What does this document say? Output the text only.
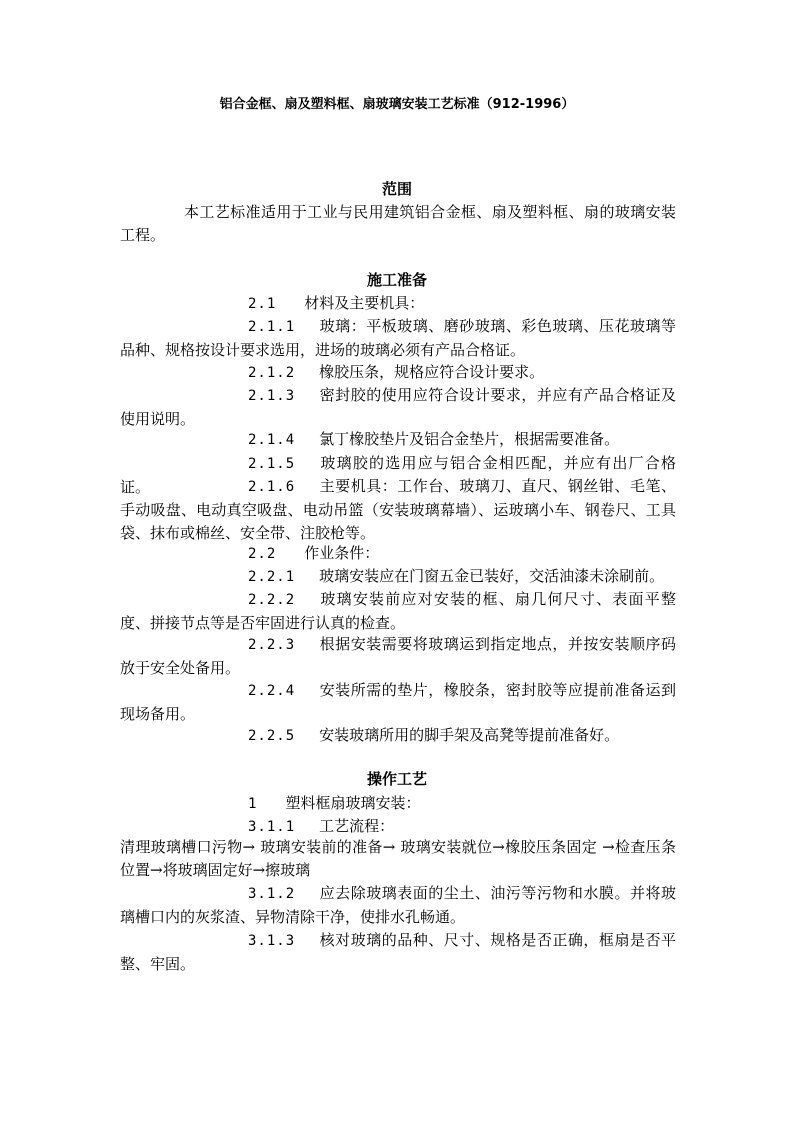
铝合金框、扇及塑料框、扇玻璃安装工艺标准（912-1996）
范围
本工艺标准适用于工业与民用建筑铝合金框、扇及塑料框、扇的玻璃安装工程。
施工准备
2.1 材料及主要机具：
2.1.1 玻璃：平板玻璃、磨砂玻璃、彩色玻璃、压花玻璃等品种、规格按设计要求选用，进场的玻璃必须有产品合格证。
2.1.2 橡胶压条，规格应符合设计要求。
2.1.3 密封胶的使用应符合设计要求，并应有产品合格证及使用说明。
2.1.4 氯丁橡胶垫片及铝合金垫片，根据需要准备。
2.1.5 玻璃胶的选用应与铝合金相匹配，并应有出厂合格证。	2.1.6 主要机具：工作台、玻璃刀、直尺、钢丝钳、毛笔、手动吸盘、电动真空吸盘、电动吊篮（安装玻璃幕墙）、运玻璃小车、钢卷尺、工具袋、抹布或棉丝、安全带、注胶枪等。
2.2 作业条件：
2.2.1 玻璃安装应在门窗五金已装好，交活油漆未涂刷前。
2.2.2 玻璃安装前应对安装的框、扇几何尺寸、表面平整度、拼接节点等是否牢固进行认真的检查。
2.2.3 根据安装需要将玻璃运到指定地点，并按安装顺序码放于安全处备用。
2.2.4 安装所需的垫片，橡胶条，密封胶等应提前准备运到现场备用。
2.2.5 安装玻璃所用的脚手架及高凳等提前准备好。
操作工艺
1 塑料框扇玻璃安装：
3.1.1 工艺流程：
清理玻璃槽口污物→ 玻璃安装前的准备→ 玻璃安装就位→橡胶压条固定 →检查压条位置→将玻璃固定好→擦玻璃
3.1.2 应去除玻璃表面的尘土、油污等污物和水膜。并将玻璃槽口内的灰浆渣、异物清除干净，使排水孔畅通。
3.1.3 核对玻璃的品种、尺寸、规格是否正确，框扇是否平整、牢固。
